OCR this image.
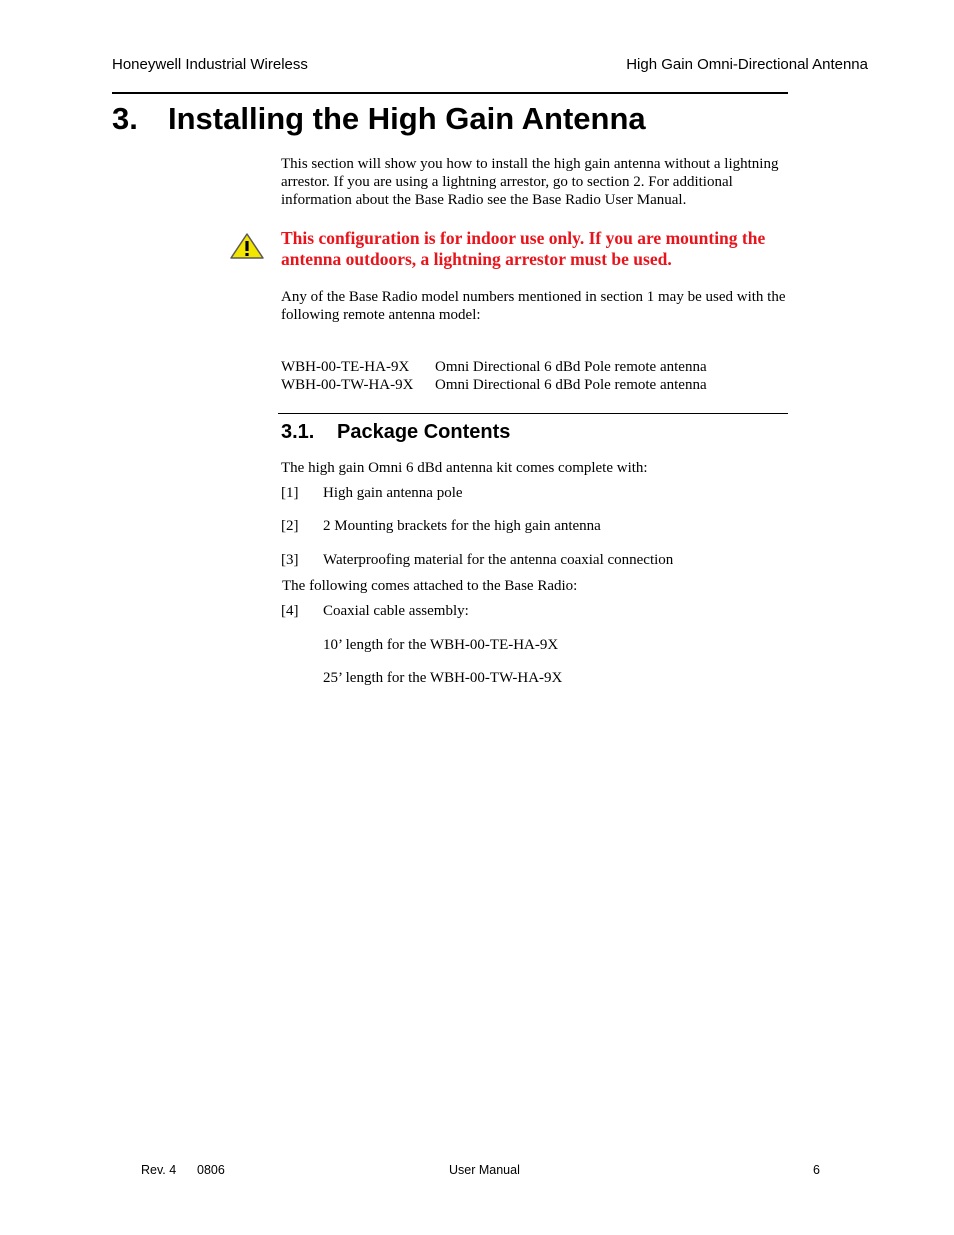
Honeywell Industrial Wireless	High Gain Omni-Directional Antenna
3. Installing the High Gain Antenna
This section will show you how to install the high gain antenna without a lightning arrestor. If you are using a lightning arrestor, go to section 2. For additional information about the Base Radio see the Base Radio User Manual.
This configuration is for indoor use only. If you are mounting the antenna outdoors, a lightning arrestor must be used.
Any of the Base Radio model numbers mentioned in section 1 may be used with the following remote antenna model:
WBH-00-TE-HA-9X Omni Directional 6 dBd Pole remote antenna
WBH-00-TW-HA-9X Omni Directional 6 dBd Pole remote antenna
3.1. Package Contents
The high gain Omni 6 dBd antenna kit comes complete with:
[1] High gain antenna pole
[2] 2 Mounting brackets for the high gain antenna
[3] Waterproofing material for the antenna coaxial connection
The following comes attached to the Base Radio:
[4] Coaxial cable assembly:
10’ length for the WBH-00-TE-HA-9X
25’ length for the WBH-00-TW-HA-9X
Rev. 4 0806	User Manual	6
